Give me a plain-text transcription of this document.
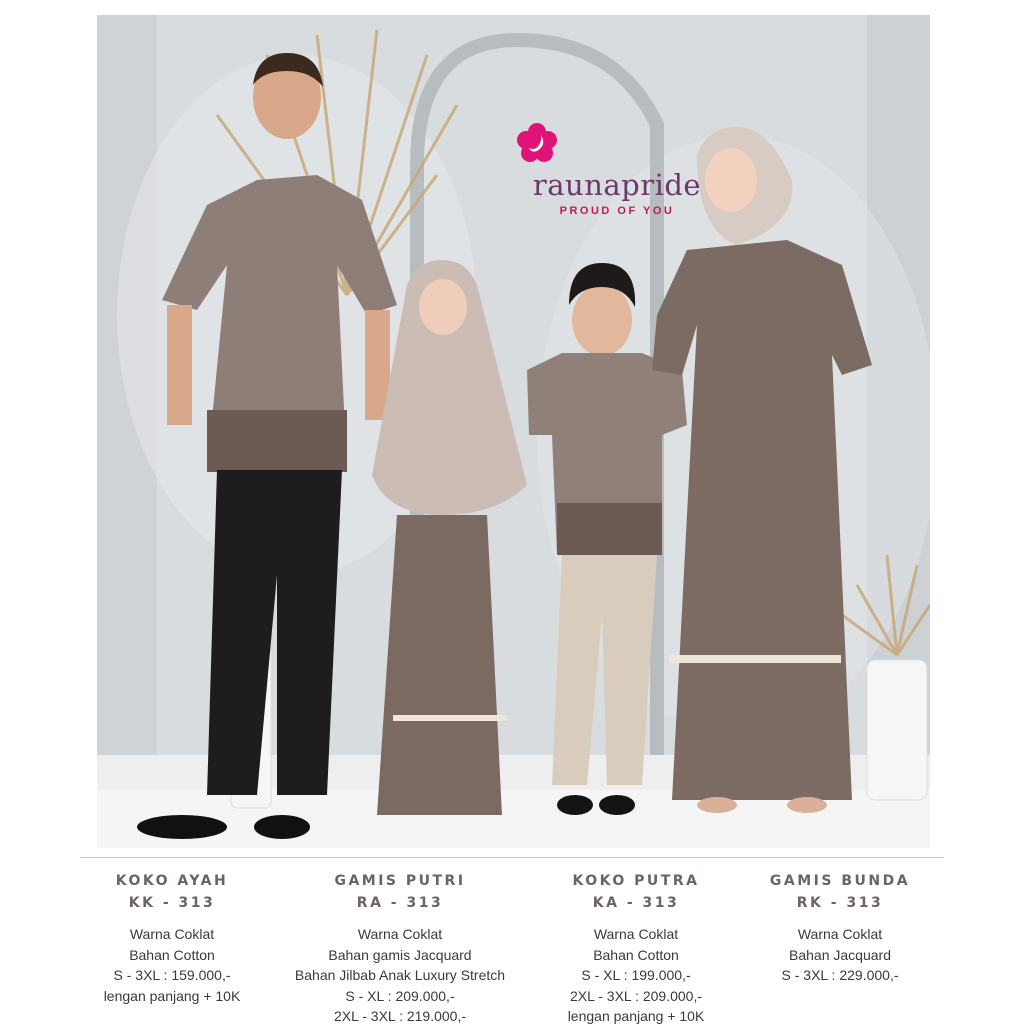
raunapride
PROUD OF YOU
KOKO AYAH
KK - 313
Warna Coklat
Bahan Cotton
S - 3XL : 159.000,-
lengan panjang + 10K
GAMIS PUTRI
RA - 313
Warna Coklat
Bahan gamis Jacquard
Bahan Jilbab Anak Luxury Stretch
S - XL : 209.000,-
2XL - 3XL : 219.000,-
KOKO PUTRA
KA - 313
Warna Coklat
Bahan Cotton
S - XL : 199.000,-
2XL - 3XL : 209.000,-
lengan panjang + 10K
GAMIS BUNDA
RK - 313
Warna Coklat
Bahan Jacquard
S - 3XL : 229.000,-
